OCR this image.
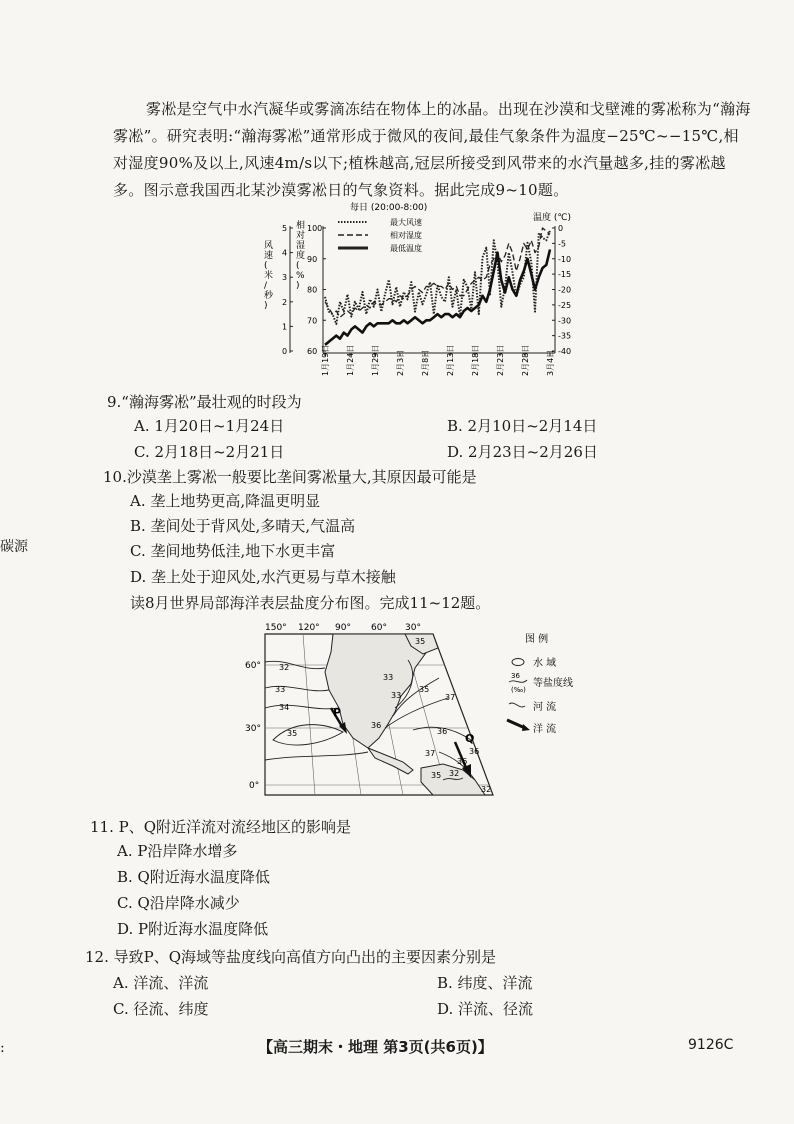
雾凇是空气中水汽凝华或雾滴冻结在物体上的冰晶。出现在沙漠和戈壁滩的雾凇称为“瀚海
雾凇”。研究表明:“瀚海雾凇”通常形成于微风的夜间,最佳气象条件为温度−25℃~−15℃,相
对湿度90%及以上,风速4m/s以下;植株越高,冠层所接受到风带来的水汽量越多,挂的雾凇越
多。图示意我国西北某沙漠雾凇日的气象资料。据此完成9~10题。
每日 (20:00-8:00)
温度 (℃)
风
速
(
米
/
秒
)
相
对
湿
度
(
%
)
0
1
2
3
4
5
60
70
80
90
100	0
-5
-10
-15
-20
-25
-30
-35
-40
1月19日 1月24日 1月29日 2月3日 2月8日 2月13日 2月18日 2月23日 2月28日 3月4日
最大风速
相对湿度
最低温度
9.“瀚海雾凇”最壮观的时段为
A. 1月20日~1月24日	B. 2月10日~2月14日
C. 2月18日~2月21日	D. 2月23日~2月26日
10.沙漠垄上雾凇一般要比垄间雾凇量大,其原因最可能是
A. 垄上地势更高,降温更明显
B. 垄间处于背风处,多晴天,气温高
C. 垄间地势低洼,地下水更丰富
D. 垄上处于迎风处,水汽更易与草木接触
碳源
读8月世界局部海洋表层盐度分布图。完成11~12题。
150° 120° 90° 60° 30°
60°
30°
0°
35
32
33
34
35
33
33
35
37
36
36
36
37
32
36
35
32
P
Q
图 例
水 域
36
(‰)
等盐度线
河 流
洋 流
11. P、Q附近洋流对流经地区的影响是
A. P沿岸降水增多
B. Q附近海水温度降低
C. Q沿岸降水减少
D. P附近海水温度降低
12. 导致P、Q海域等盐度线向高值方向凸出的主要因素分别是
A. 洋流、洋流	B. 纬度、洋流
C. 径流、纬度	D. 洋流、径流
:	【高三期末・地理 第3页(共6页)】	9126C
